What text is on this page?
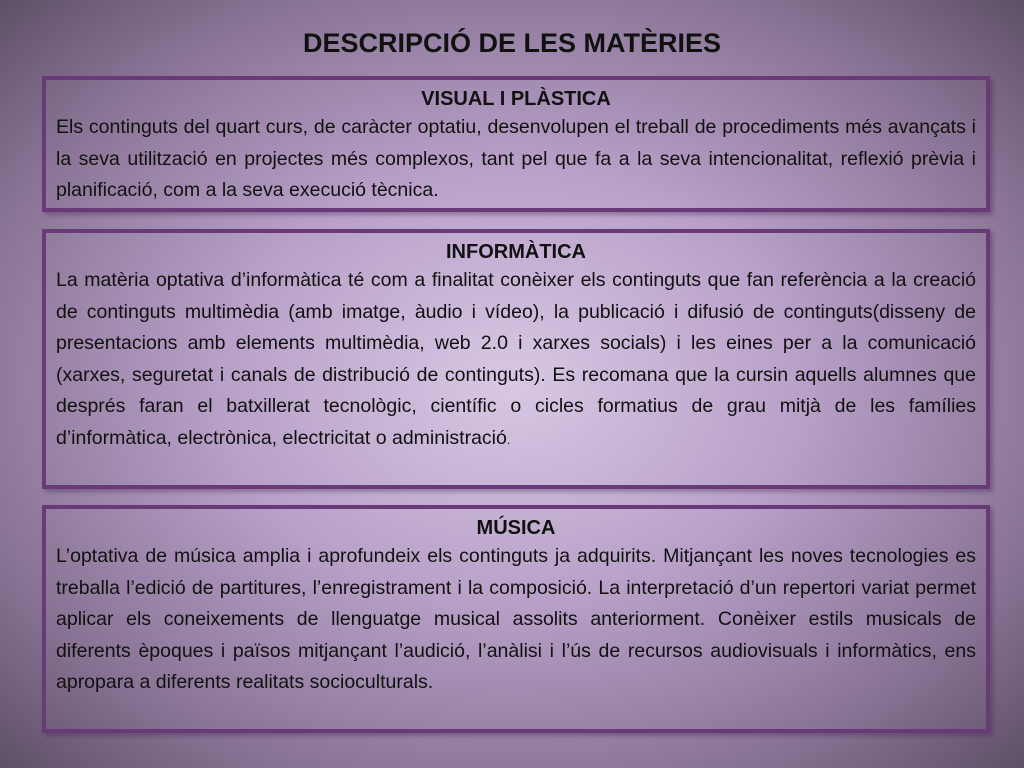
DESCRIPCIÓ DE LES MATÈRIES
VISUAL I PLÀSTICA

Els continguts del quart curs, de caràcter optatiu, desenvolupen el treball de procediments més avançats i la seva utilització en projectes més complexos, tant pel que fa a la seva intencionalitat, reflexió prèvia i planificació, com a la seva execució tècnica.

INFORMÀTICA

La matèria optativa d’informàtica té com a finalitat conèixer els continguts que fan referència a la creació de continguts multimèdia (amb imatge, àudio i vídeo), la publicació i difusió de continguts(disseny de presentacions amb elements multimèdia, web 2.0 i xarxes socials) i les eines per a la comunicació (xarxes, seguretat i canals de distribució de continguts). Es recomana que la cursin aquells alumnes que després faran el batxillerat tecnològic, científic o cicles formatius de grau mitjà de les famílies d’informàtica, electrònica, electricitat o administració.

MÚSICA

L’optativa de música amplia i aprofundeix els continguts ja adquirits. Mitjançant les noves tecnologies es treballa l’edició de partitures, l’enregistrament i la composició. La interpretació d’un repertori variat permet aplicar els coneixements de llenguatge musical assolits anteriorment. Conèixer estils musicals de diferents èpoques i països mitjançant l’audició, l’anàlisi i l’ús de recursos audiovisuals i informàtics, ens apropara a diferents realitats socioculturals.
